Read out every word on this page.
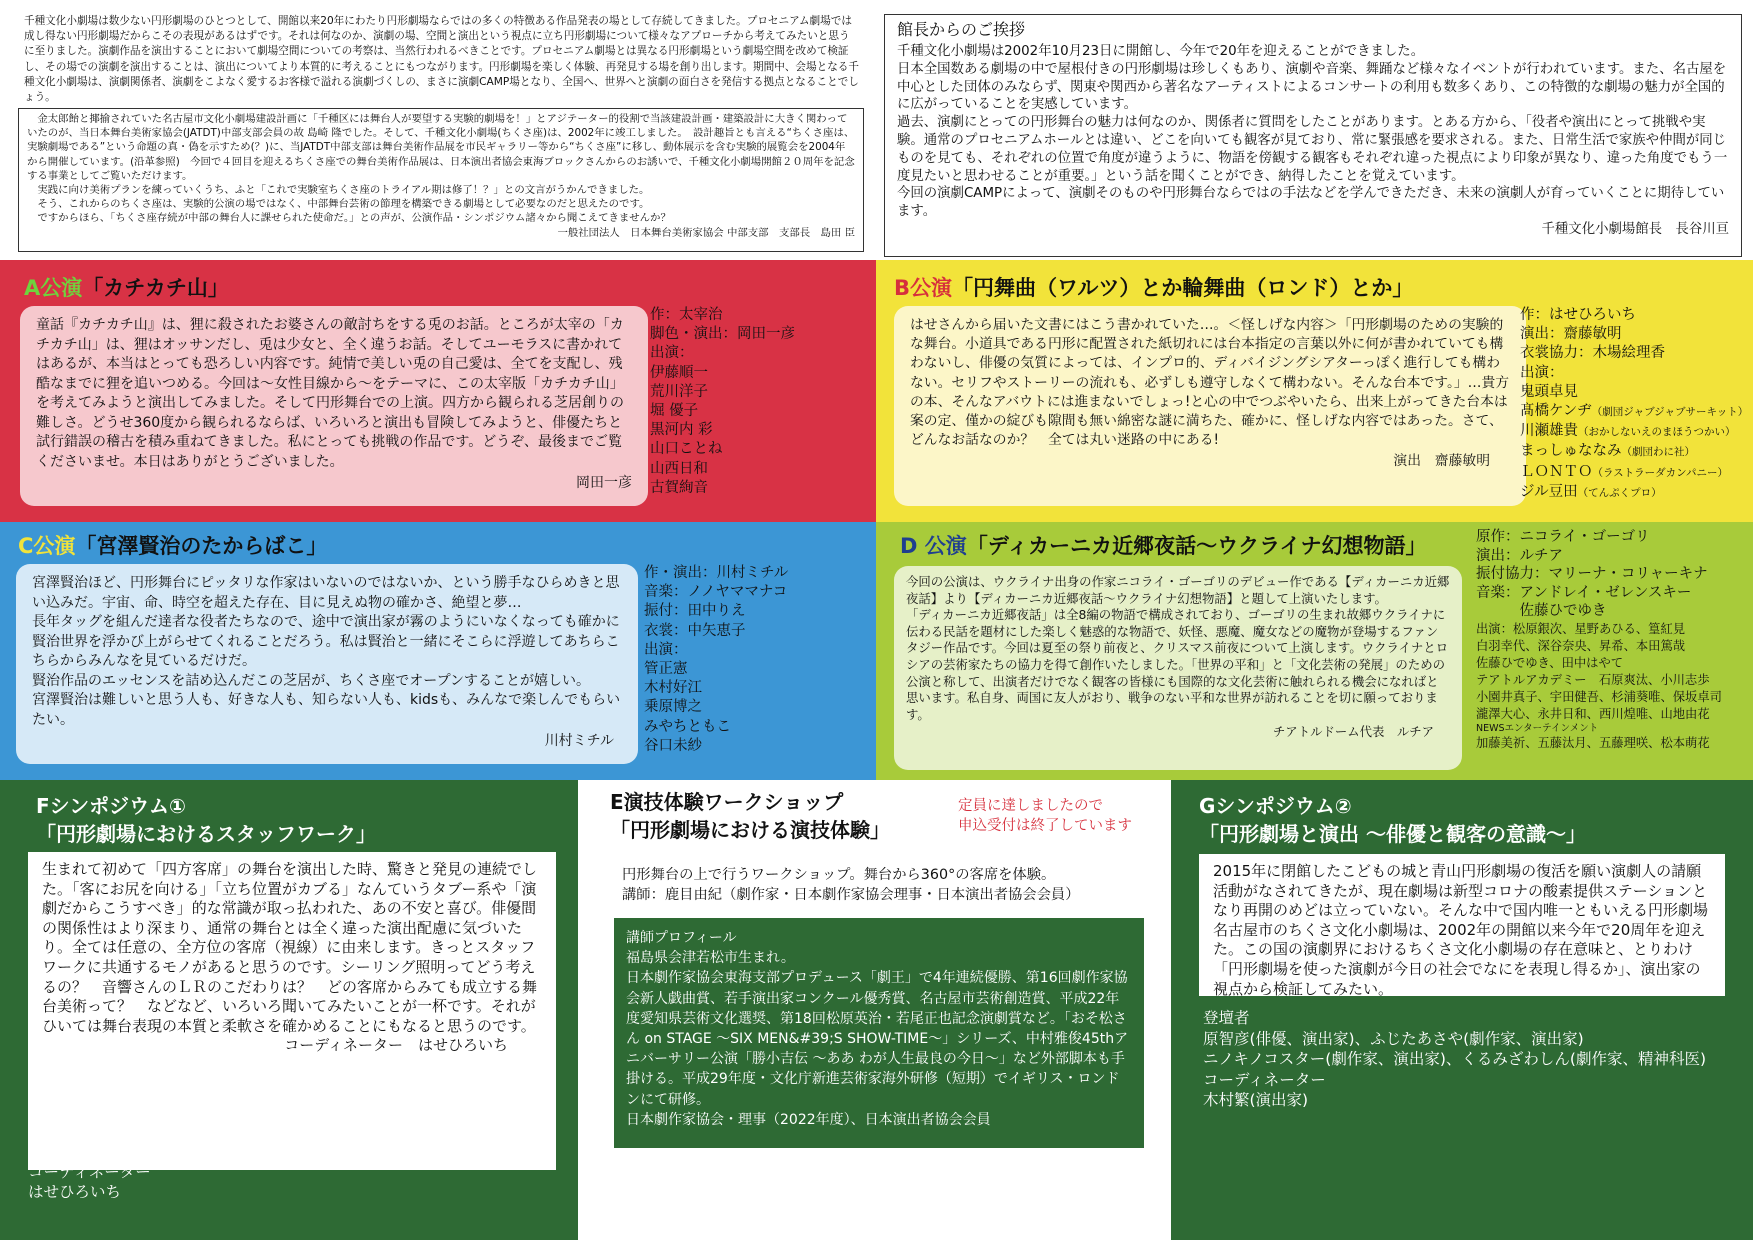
千種文化小劇場は数少ない円形劇場のひとつとして、開館以来20年にわたり円形劇場ならではの多くの特徴ある作品発表の場として存続してきました。プロセニアム劇場では成し得ない円形劇場だからこその表現があるはずです。それは何なのか、演劇の場、空間と演出という視点に立ち円形劇場について様々なアプローチから考えてみたいと思うに至りました。演劇作品を演出することにおいて劇場空間についての考察は、当然行われるべきことです。プロセニアム劇場とは異なる円形劇場という劇場空間を改めて検証し、その場での演劇を演出することは、演出についてより本質的に考えることにもつながります。円形劇場を楽しく体験、再発見する場を創り出します。期間中、会場となる千種文化小劇場は、演劇関係者、演劇をこよなく愛するお客様で溢れる演劇づくしの、まさに演劇CAMP場となり、全国へ、世界へと演劇の面白さを発信する拠点となることでしょう。
　金太郎飴と揶揄されていた名古屋市文化小劇場建設計画に「千種区には舞台人が要望する実験的劇場を！」とアジテーター的役割で当該建設計画・建築設計に大きく関わっていたのが、当日本舞台美術家協会(JATDT)中部支部会員の故 島崎 隆でした。そして、千種文化小劇場(ちくさ座)は、2002年に竣工しました。　設計趣旨とも言える“ちくさ座は、実験劇場である”という命題の真・偽を示すため(？)に、当JATDT中部支部は舞台美術作品展を市民ギャラリー等から“ちくさ座”に移し、動体展示を含む実験的展覧会を2004年から開催しています。(沿革参照)　今回で４回目を迎えるちくさ座での舞台美術作品展は、日本演出者協会東海ブロックさんからのお誘いで、千種文化小劇場開館２０周年を記念する事業としてご覧いただけます。
　実践に向け美術プランを練っていくうち、ふと「これで実験室ちくさ座のトライアル期は修了！？」との文言がうかんできました。
　そう、これからのちくさ座は、実験的公演の場ではなく、中部舞台芸術の節理を構築できる劇場として必要なのだと思えたのです。
　ですからほら、「ちくさ座存続が中部の舞台人に課せられた使命だ。」との声が、公演作品・シンポジウム諸々から聞こえてきませんか？
一般社団法人　日本舞台美術家協会 中部支部　支部長　島田 臣
館長からのご挨拶
千種文化小劇場は2002年10月23日に開館し、今年で20年を迎えることができました。
日本全国数ある劇場の中で屋根付きの円形劇場は珍しくもあり、演劇や音楽、舞踊など様々なイベントが行われています。また、名古屋を中心とした団体のみならず、関東や関西から著名なアーティストによるコンサートの利用も数多くあり、この特徴的な劇場の魅力が全国的に広がっていることを実感しています。
過去、演劇にとっての円形舞台の魅力は何なのか、関係者に質問をしたことがあります。とある方から、「役者や演出にとって挑戦や実験。通常のプロセニアムホールとは違い、どこを向いても観客が見ており、常に緊張感を要求される。また、日常生活で家族や仲間が同じものを見ても、それぞれの位置で角度が違うように、物語を傍観する観客もそれぞれ違った視点により印象が異なり、違った角度でもう一度見たいと思わせることが重要。」という話を聞くことができ、納得したことを覚えています。
今回の演劇CAMPによって、演劇そのものや円形舞台ならではの手法などを学んできただき、未来の演劇人が育っていくことに期待しています。
千種文化小劇場館長　長谷川亘
A公演「カチカチ山」
童話『カチカチ山』は、狸に殺されたお婆さんの敵討ちをする兎のお話。ところが太宰の「カチカチ山」は、狸はオッサンだし、兎は少女と、全く違うお話。そしてユーモラスに書かれてはあるが、本当はとっても恐ろしい内容です。純情で美しい兎の自己愛は、全てを支配し、残酷なまでに狸を追いつめる。今回は～女性目線から～をテーマに、この太宰版「カチカチ山」を考えてみようと演出してみました。そして円形舞台での上演。四方から観られる芝居創りの難しさ。どうせ360度から観られるならば、いろいろと演出も冒険してみようと、俳優たちと試行錯誤の稽古を積み重ねてきました。私にとっても挑戦の作品です。どうぞ、最後までご覧くださいませ。本日はありがとうございました。
岡田一彦
作：太宰治
脚色・演出：岡田一彦
出演：
伊藤順一
荒川洋子
堀 優子
黒河内 彩
山口ことね
山西日和
古賀絢音
B公演「円舞曲（ワルツ）とか輪舞曲（ロンド）とか」
はせさんから届いた文書にはこう書かれていた…。＜怪しげな内容＞「円形劇場のための実験的な舞台。小道具である円形に配置された紙切れには台本指定の言葉以外に何が書かれていても構わないし、俳優の気質によっては、インプロ的、ディバイジングシアターっぽく進行しても構わない。セリフやストーリーの流れも、必ずしも遵守しなくて構わない。そんな台本です。」…貴方の本、そんなアバウトには進まないでしょっ!と心の中でつぶやいたら、出来上がってきた台本は案の定、僅かの綻びも隙間も無い綿密な謎に満ちた、確かに、怪しげな内容ではあった。さて、どんなお話なのか？　全ては丸い迷路の中にある!
演出　齋藤敏明
作：はせひろいち
演出：齋藤敏明
衣裳協力：木場絵理香
出演：
鬼頭卓見
髙橋ケンヂ（劇団ジャブジャブサーキット）
川瀬雄貴（おかしないえのまほうつかい）
まっしゅななみ（劇団わに社）
ＬＯＮＴＯ（ラストラーダカンパニー）
ジル豆田（てんぷくプロ）
C公演「宮澤賢治のたからばこ」
宮澤賢治ほど、円形舞台にピッタリな作家はいないのではないか、という勝手なひらめきと思い込みだ。宇宙、命、時空を超えた存在、目に見えぬ物の確かさ、絶望と夢…
長年タッグを組んだ達者な役者たちなので、途中で演出家が霧のようにいなくなっても確かに賢治世界を浮かび上がらせてくれることだろう。私は賢治と一緒にそこらに浮遊してあちらこちらからみんなを見ているだけだ。
賢治作品のエッセンスを詰め込んだこの芝居が、ちくさ座でオープンすることが嬉しい。
宮澤賢治は難しいと思う人も、好きな人も、知らない人も、kidsも、みんなで楽しんでもらいたい。
川村ミチル
作・演出：川村ミチル
音楽：ノノヤママナコ
振付：田中りえ
衣裳：中矢恵子
出演：
管正憲
木村好江
乗原博之
みやちともこ
谷口未紗
D 公演「ディカーニカ近郷夜話～ウクライナ幻想物語」
今回の公演は、ウクライナ出身の作家ニコライ・ゴーゴリのデビュー作である【ディカーニカ近郷夜話】より【ディカーニカ近郷夜話～ウクライナ幻想物語】と題して上演いたします。
「ディカーニカ近郷夜話」は全8編の物語で構成されており、ゴーゴリの生まれ故郷ウクライナに伝わる民話を題材にした楽しく魅惑的な物語で、妖怪、悪魔、魔女などの魔物が登場するファンタジー作品です。今回は夏至の祭り前夜と、クリスマス前夜について上演します。ウクライナとロシアの芸術家たちの協力を得て創作いたしました。「世界の平和」と「文化芸術の発展」のための公演と称して、出演者だけでなく観客の皆様にも国際的な文化芸術に触れられる機会になればと思います。私自身、両国に友人がおり、戦争のない平和な世界が訪れることを切に願っております。
チアトルドーム代表　ルチア
原作：ニコライ・ゴーゴリ
演出：ルチア
振付協力：マリーナ・コリャーキナ
音楽：アンドレイ・ゼレンスキー
　　　佐藤ひでゆき
出演：松原銀次、星野あひる、篁紅見
白羽幸代、深谷奈央、昇希、本田篤哉
佐藤ひでゆき、田中はやて
テアトルアカデミー　石原爽汰、小川志歩
小園井真子、宇田健吾、杉浦葵唯、保坂卓司
瀧澤大心、永井日和、西川煌唯、山地由花
NEWSエンターテインメント
加藤美祈、五藤汰月、五藤理咲、松本萌花
Fシンポジウム①
「円形劇場におけるスタッフワーク」
生まれて初めて「四方客席」の舞台を演出した時、驚きと発見の連続でした。「客にお尻を向ける」「立ち位置がカブる」なんていうタブー系や「演劇だからこうすべき」的な常識が取っ払われた、あの不安と喜び。俳優間の関係性はより深まり、通常の舞台とは全く違った演出配慮に気づいたり。全ては任意の、全方位の客席（視線）に由来します。きっとスタッフワークに共通するモノがあると思うのです。シーリング照明ってどう考えるの？　音響さんのＬＲのこだわりは？　どの客席からみても成立する舞台美術って？　などなど、いろいろ聞いてみたいことが一杯です。それがひいては舞台表現の本質と柔軟さを確かめることにもなると思うのです。
コーディネーター　はせひろいち
パネリスト
島田 臣（日本舞台美術家協会 中部支部長）、福井孝子（照明家）
末吉祐樹（音響）、中島貴光、伏木啓
コーディネーター
はせひろいち
E演技体験ワークショップ
「円形劇場における演技体験」
定員に達しましたので
申込受付は終了しています
円形舞台の上で行うワークショップ。舞台から360°の客席を体験。
講師：鹿目由紀（劇作家・日本劇作家協会理事・日本演出者協会会員）
講師プロフィール
福島県会津若松市生まれ。
日本劇作家協会東海支部プロデュース「劇王」で4年連続優勝、第16回劇作家協会新人戯曲賞、若手演出家コンクール優秀賞、名古屋市芸術創造賞、平成22年度愛知県芸術文化選奨、第18回松原英治・若尾正也記念演劇賞など。「おそ松さん on STAGE ～SIX MEN&#39;S SHOW-TIME～」シリーズ、中村雅俊45thアニバーサリー公演「勝小吉伝 ～ああ わが人生最良の今日～」など外部脚本も手掛ける。平成29年度・文化庁新進芸術家海外研修（短期）でイギリス・ロンドンにて研修。
日本劇作家協会・理事（2022年度）、日本演出者協会会員
Gシンポジウム②
「円形劇場と演出 ～俳優と観客の意識～」
2015年に閉館したこどもの城と青山円形劇場の復活を願い演劇人の請願活動がなされてきたが、現在劇場は新型コロナの酸素提供ステーションとなり再開のめどは立っていない。そんな中で国内唯一ともいえる円形劇場名古屋市のちくさ文化小劇場は、2002年の開館以来今年で20周年を迎えた。この国の演劇界におけるちくさ文化小劇場の存在意味と、とりわけ「円形劇場を使った演劇が今日の社会でなにを表現し得るか」、演出家の視点から検証してみたい。
登壇者
原智彦(俳優、演出家)、ふじたあさや(劇作家、演出家)
ニノキノコスター(劇作家、演出家)、くるみざわしん(劇作家、精神科医)
コーディネーター
木村繁(演出家)
